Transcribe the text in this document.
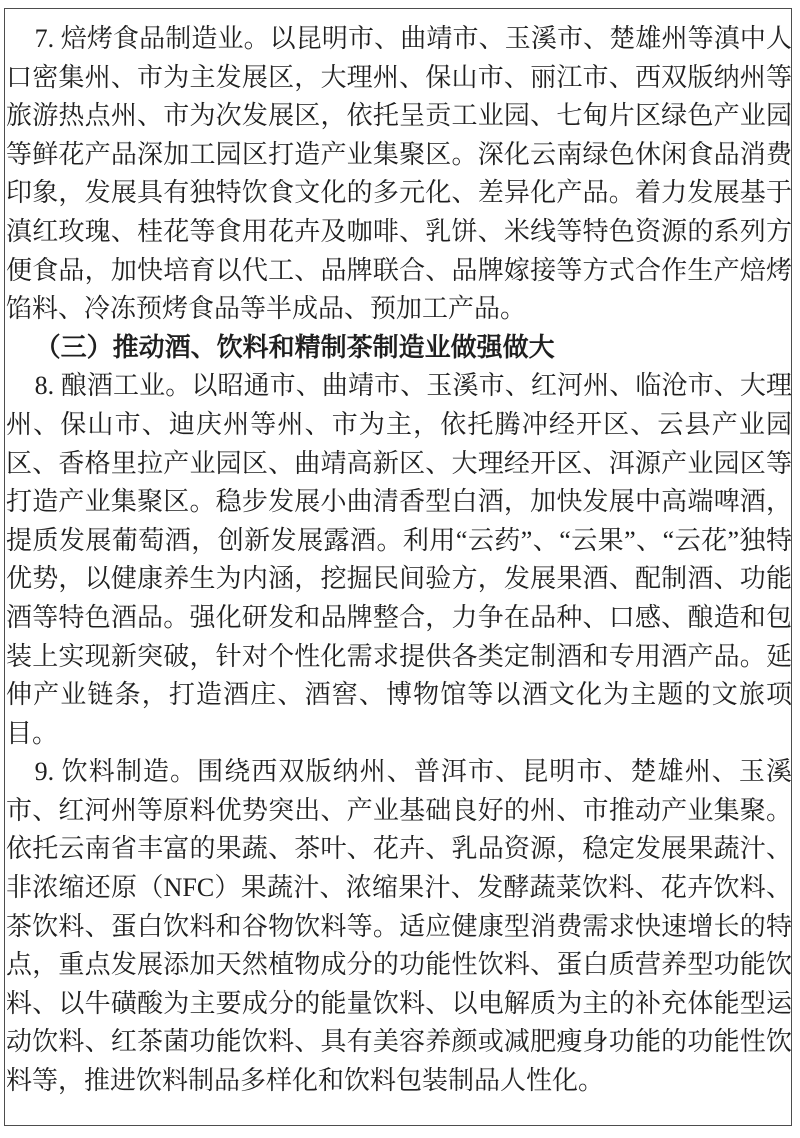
7. 焙烤食品制造业。以昆明市、曲靖市、玉溪市、楚雄州等滇中人口密集州、市为主发展区，大理州、保山市、丽江市、西双版纳州等旅游热点州、市为次发展区，依托呈贡工业园、七甸片区绿色产业园等鲜花产品深加工园区打造产业集聚区。深化云南绿色休闲食品消费印象，发展具有独特饮食文化的多元化、差异化产品。着力发展基于滇红玫瑰、桂花等食用花卉及咖啡、乳饼、米线等特色资源的系列方便食品，加快培育以代工、品牌联合、品牌嫁接等方式合作生产焙烤馅料、冷冻预烤食品等半成品、预加工产品。

（三）推动酒、饮料和精制茶制造业做强做大

8. 酿酒工业。以昭通市、曲靖市、玉溪市、红河州、临沧市、大理州、保山市、迪庆州等州、市为主，依托腾冲经开区、云县产业园区、香格里拉产业园区、曲靖高新区、大理经开区、洱源产业园区等打造产业集聚区。稳步发展小曲清香型白酒，加快发展中高端啤酒，提质发展葡萄酒，创新发展露酒。利用“云药”、“云果”、“云花”独特优势，以健康养生为内涵，挖掘民间验方，发展果酒、配制酒、功能酒等特色酒品。强化研发和品牌整合，力争在品种、口感、酿造和包装上实现新突破，针对个性化需求提供各类定制酒和专用酒产品。延伸产业链条，打造酒庄、酒窖、博物馆等以酒文化为主题的文旅项目。

9. 饮料制造。围绕西双版纳州、普洱市、昆明市、楚雄州、玉溪市、红河州等原料优势突出、产业基础良好的州、市推动产业集聚。依托云南省丰富的果蔬、茶叶、花卉、乳品资源，稳定发展果蔬汁、非浓缩还原（NFC）果蔬汁、浓缩果汁、发酵蔬菜饮料、花卉饮料、茶饮料、蛋白饮料和谷物饮料等。适应健康型消费需求快速增长的特点，重点发展添加天然植物成分的功能性饮料、蛋白质营养型功能饮料、以牛磺酸为主要成分的能量饮料、以电解质为主的补充体能型运动饮料、红茶菌功能饮料、具有美容养颜或减肥瘦身功能的功能性饮料等，推进饮料制品多样化和饮料包装制品人性化。
